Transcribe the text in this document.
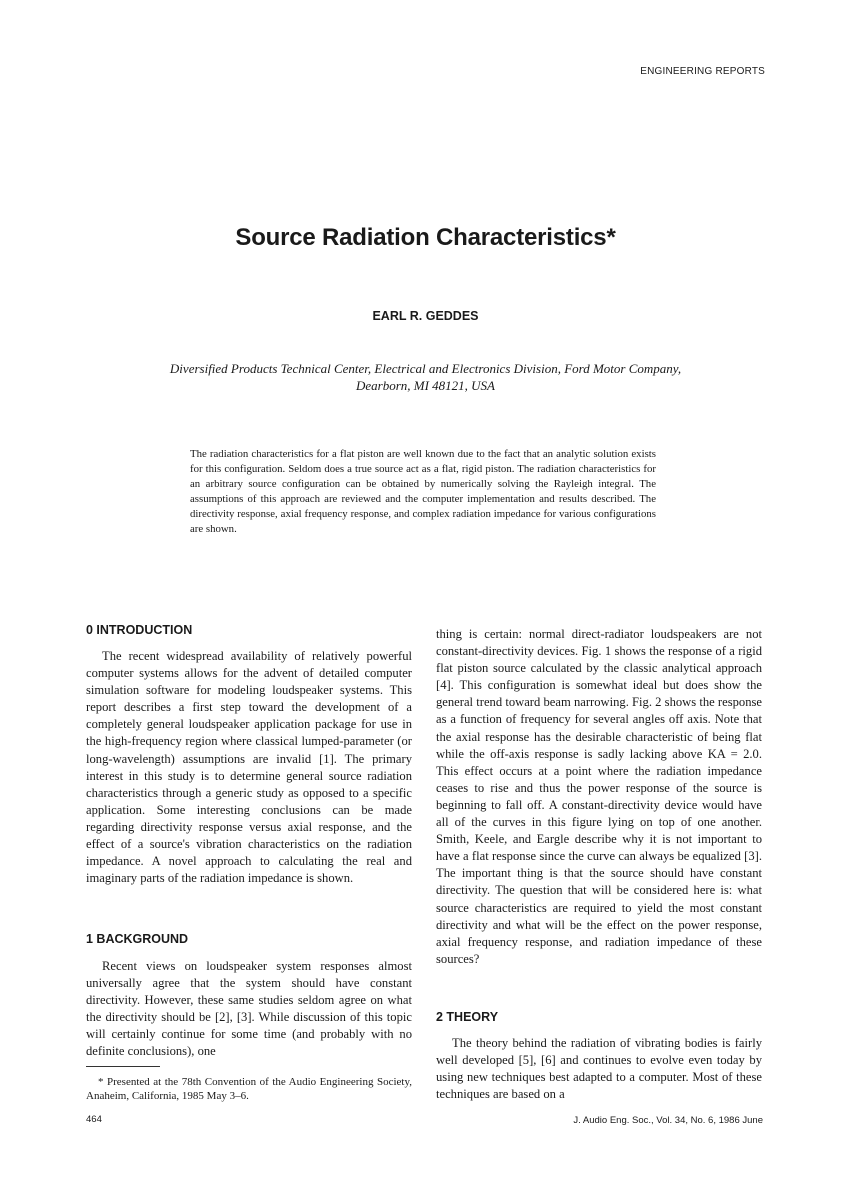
ENGINEERING REPORTS
Source Radiation Characteristics*
EARL R. GEDDES
Diversified Products Technical Center, Electrical and Electronics Division, Ford Motor Company,
Dearborn, MI 48121, USA

The radiation characteristics for a flat piston are well known due to the fact that an analytic solution exists for this configuration. Seldom does a true source act as a flat, rigid piston. The radiation characteristics for an arbitrary source configuration can be obtained by numerically solving the Rayleigh integral. The assumptions of this approach are reviewed and the computer implementation and results described. The directivity response, axial frequency response, and complex radiation impedance for various configurations are shown.

0 INTRODUCTION

The recent widespread availability of relatively powerful computer systems allows for the advent of detailed computer simulation software for modeling loudspeaker systems. This report describes a first step toward the development of a completely general loudspeaker application package for use in the high-frequency region where classical lumped-parameter (or long-wavelength) assumptions are invalid [1]. The primary interest in this study is to determine general source radiation characteristics through a generic study as opposed to a specific application. Some interesting conclusions can be made regarding directivity response versus axial response, and the effect of a source's vibration characteristics on the radiation impedance. A novel approach to calculating the real and imaginary parts of the radiation impedance is shown.

1 BACKGROUND

Recent views on loudspeaker system responses almost universally agree that the system should have constant directivity. However, these same studies seldom agree on what the directivity should be [2], [3]. While discussion of this topic will certainly continue for some time (and probably with no definite conclusions), one

* Presented at the 78th Convention of the Audio Engineering Society, Anaheim, California, 1985 May 3–6.

thing is certain: normal direct-radiator loudspeakers are not constant-directivity devices. Fig. 1 shows the response of a rigid flat piston source calculated by the classic analytical approach [4]. This configuration is somewhat ideal but does show the general trend toward beam narrowing. Fig. 2 shows the response as a function of frequency for several angles off axis. Note that the axial response has the desirable characteristic of being flat while the off-axis response is sadly lacking above KA = 2.0. This effect occurs at a point where the radiation impedance ceases to rise and thus the power response of the source is beginning to fall off. A constant-directivity device would have all of the curves in this figure lying on top of one another. Smith, Keele, and Eargle describe why it is not important to have a flat response since the curve can always be equalized [3]. The important thing is that the source should have constant directivity. The question that will be considered here is: what source characteristics are required to yield the most constant directivity and what will be the effect on the power response, axial frequency response, and radiation impedance of these sources?

2 THEORY

The theory behind the radiation of vibrating bodies is fairly well developed [5], [6] and continues to evolve even today by using new techniques best adapted to a computer. Most of these techniques are based on a

464	J. Audio Eng. Soc., Vol. 34, No. 6, 1986 June
